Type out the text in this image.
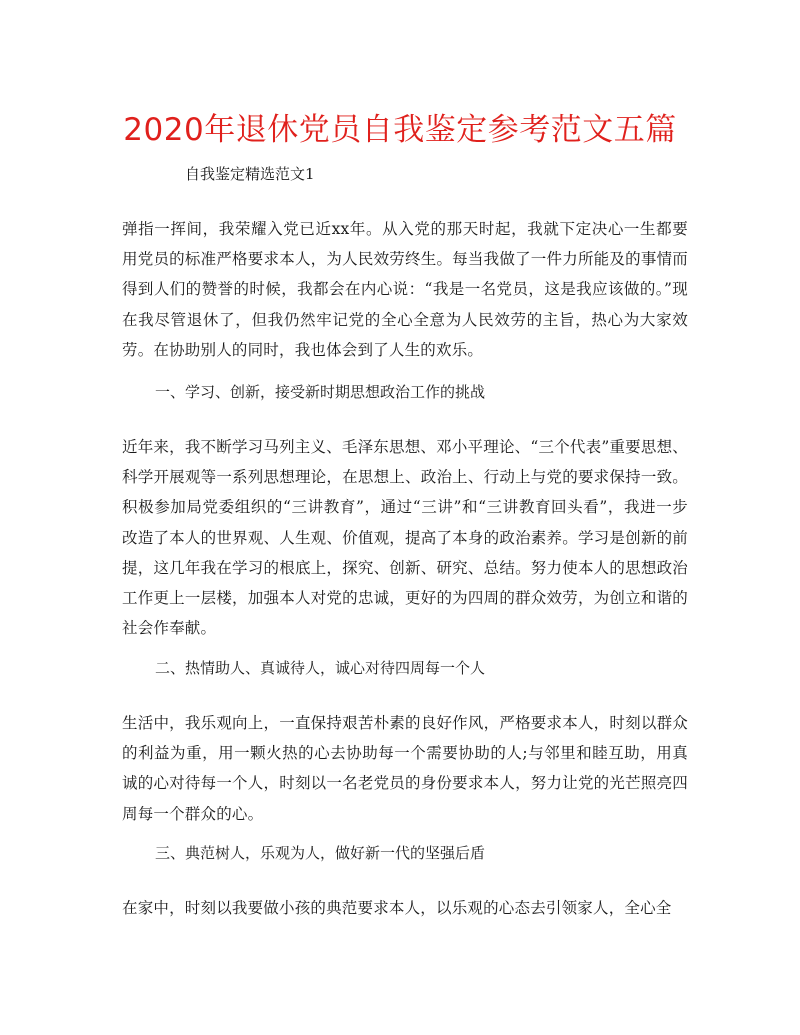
2020年退休党员自我鉴定参考范文五篇
自我鉴定精选范文1

弹指一挥间，我荣耀入党已近xx年。从入党的那天时起，我就下定决心一生都要用党员的标准严格要求本人，为人民效劳终生。每当我做了一件力所能及的事情而得到人们的赞誉的时候，我都会在内心说：“我是一名党员，这是我应该做的。”现在我尽管退休了，但我仍然牢记党的全心全意为人民效劳的主旨，热心为大家效劳。在协助别人的同时，我也体会到了人生的欢乐。

一、学习、创新，接受新时期思想政治工作的挑战

近年来，我不断学习马列主义、毛泽东思想、邓小平理论、“三个代表”重要思想、科学开展观等一系列思想理论，在思想上、政治上、行动上与党的要求保持一致。积极参加局党委组织的“三讲教育”，通过“三讲”和“三讲教育回头看”，我进一步改造了本人的世界观、人生观、价值观，提高了本身的政治素养。学习是创新的前提，这几年我在学习的根底上，探究、创新、研究、总结。努力使本人的思想政治工作更上一层楼，加强本人对党的忠诚，更好的为四周的群众效劳，为创立和谐的社会作奉献。

二、热情助人、真诚待人，诚心对待四周每一个人

生活中，我乐观向上，一直保持艰苦朴素的良好作风，严格要求本人，时刻以群众的利益为重，用一颗火热的心去协助每一个需要协助的人;与邻里和睦互助，用真诚的心对待每一个人，时刻以一名老党员的身份要求本人，努力让党的光芒照亮四周每一个群众的心。

三、典范树人，乐观为人，做好新一代的坚强后盾

在家中，时刻以我要做小孩的典范要求本人，以乐观的心态去引领家人，全心全
